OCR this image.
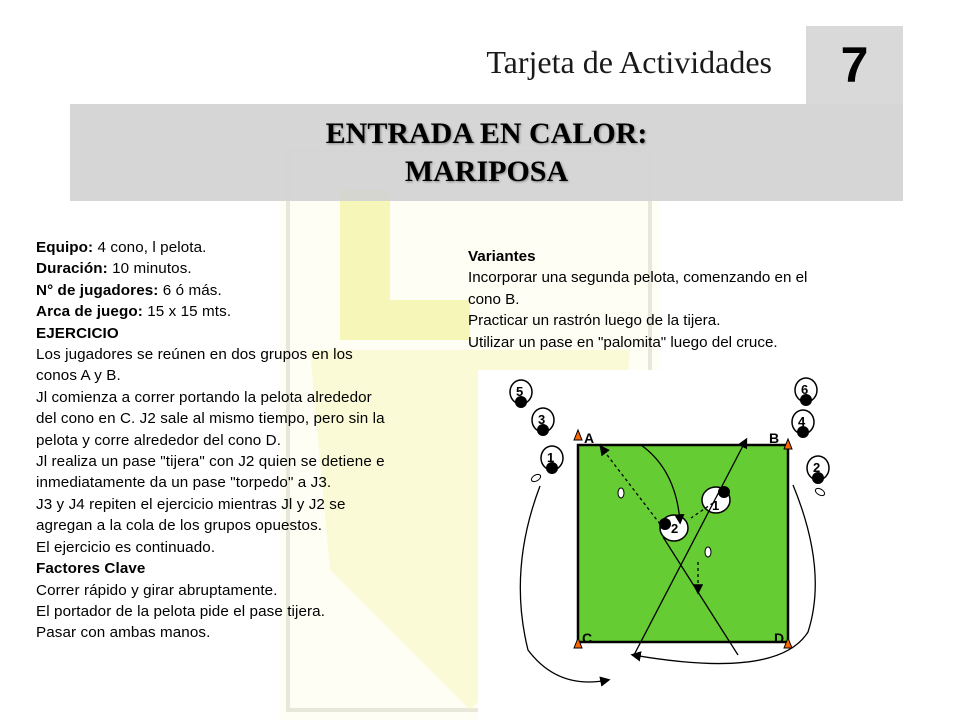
Tarjeta de Actividades	7
ENTRADA EN CALOR:
MARIPOSA
Equipo: 4 cono, l pelota.
Duración: 10 minutos.
N° de jugadores: 6 ó más.
Arca de juego: 15 x 15 mts.
EJERCICIO
Los jugadores se reúnen en dos grupos en los
conos A y B.
Jl comienza a correr portando la pelota alrededor
del cono en C. J2 sale al mismo tiempo, pero sin la
pelota y corre alrededor del cono D.
Jl realiza un pase "tijera" con J2 quien se detiene e
inmediatamente da un pase "torpedo" a J3.
J3 y J4 repiten el ejercicio mientras Jl y J2 se
agregan a la cola de los grupos opuestos.
El ejercicio es continuado.
Factores Clave
Correr rápido y girar abruptamente.
El portador de la pelota pide el pase tijera.
Pasar con ambas manos.
Variantes
Incorporar una segunda pelota, comenzando en el
cono B.
Practicar un rastrón luego de la tijera.
Utilizar un pase en "palomita" luego del cruce.
A	B
C	D
1
2
3	4
5	6
2
1
